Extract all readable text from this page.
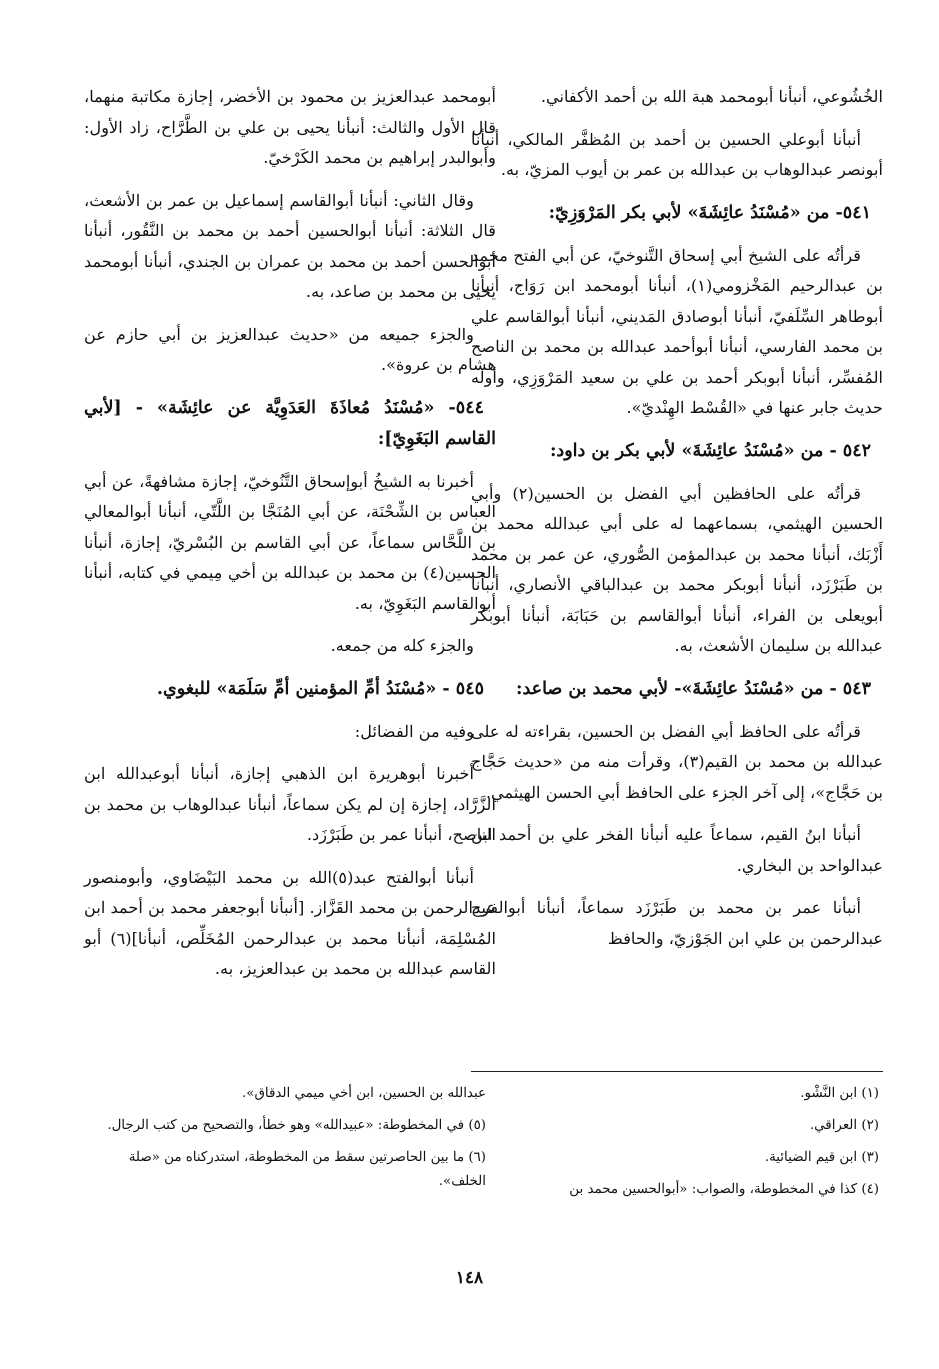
الخُشُوعي، أنبأنا أبومحمد هبة الله بن أحمد الأكفاني.

أنبأنا أبوعلي الحسين بن أحمد بن المُظفَّر المالكي، أنبأنا أبونصر عبدالوهاب بن عبدالله بن عمر بن أيوب المزيّ، به.

٥٤١- من «مُسْنَدُ عائِشَةَ» لأبي بكر المَرْوَزِيّ:

قرأتُه على الشيخ أبي إسحاق التَّنوخيّ، عن أبي الفتح محمد بن عبدالرحيم المَخْزومي(١)، أنبأنا أبومحمد ابن رَوَاج، أنبأنا أبوطاهر السِّلَفيّ، أنبأنا أبوصادق المَديني، أنبأنا أبوالقاسم علي بن محمد الفارسي، أنبأنا أبوأحمد عبدالله بن محمد بن الناصح المُفسِّر، أنبأنا أبوبكر أحمد بن علي بن سعيد المَرْوَزِي، وأوله حديث جابر عنها في «القُسْط الهِنْديّ».

٥٤٢ - من «مُسْنَدُ عائِشَةَ» لأبي بكر بن داود:

قرأتُه على الحافظين أبي الفضل بن الحسين(٢) وأبي الحسين الهيثمي، بسماعهما له على أبي عبدالله محمد بن أَزْبَك، أنبأنا محمد بن عبدالمؤمن الصُّوري، عن عمر بن محمد بن طَبَرْزَد، أنبأنا أبوبكر محمد بن عبدالباقي الأنصاري، أنبأنا أبويعلى بن الفراء، أنبأنا أبوالقاسم بن حَبَابَة، أنبأنا أبوبكر عبدالله بن سليمان الأشعث، به.

٥٤٣ - من «مُسْنَدُ عائِشَةَ»- لأبي محمد بن صاعد:

قرأتُه على الحافظ أبي الفضل بن الحسين، بقراءته له على عبدالله بن محمد بن القيم(٣)، وقرأت منه من «حديث حَجَّاج بن حَجَّاج»، إلى آخر الجزء على الحافظ أبي الحسن الهيثمي.

أنبأنا ابنُ القيم، سماعاً عليه أنبأنا الفخر علي بن أحمد ابن عبدالواحد بن البخاري.

أنبأنا عمر بن محمد بن طَبَرْزَد سماعاً، أنبأنا أبوالفرج عبدالرحمن بن علي ابن الجَوْزيّ، والحافظ

أبومحمد عبدالعزيز بن محمود بن الأخضر، إجازة مكاتبة منهما، قال الأول والثالث: أنبأنا يحيى بن علي بن الطَّرَّاح، زاد الأول: وأبوالبدر إبراهيم بن محمد الكَرْخيّ.

وقال الثاني: أنبأنا أبوالقاسم إسماعيل بن عمر بن الأشعث، قال الثلاثة: أنبأنا أبوالحسين أحمد بن محمد بن النَّقُور، أنبأنا أبوالحسن أحمد بن محمد بن عمران بن الجندي، أنبأنا أبومحمد يحيى بن محمد بن صاعد، به.

والجزء جميعه من «حديث عبدالعزيز بن أبي حازم عن هشام بن عروة».

٥٤٤- «مُسْنَدُ مُعاذَةَ العَدَوِيَّة عن عائِشَة» - [لأبي القاسم البَغَوِيّ]:

أخبرنا به الشيخُ أبوإسحاق التَّنُوخيّ، إجازة مشافهةً، عن أبي العباس بن الشِّحْنَة، عن أبي المُنَجَّا بن اللَّتّي، أنبأنا أبوالمعالي بن اللَّحَّاس سماعاً، عن أبي القاسم بن البُسْريّ، إجازة، أنبأنا الحسين(٤) بن محمد بن عبدالله بن أخي مِيمي في كتابه، أنبأنا أبوالقاسم البَغَوِيّ، به.

والجزء كله من جمعه.

٥٤٥ - «مُسْنَدُ أمِّ المؤمنين أمِّ سَلَمَة» للبغوي.

وفيه من الفضائل:

أخبرنا أبوهريرة ابن الذهبي إجازة، أنبأنا أبوعبدالله ابن الزَّرَّاد، إجازة إن لم يكن سماعاً، أنبأنا عبدالوهاب بن محمد بن الناصح، أنبأنا عمر بن طَبَرْزَد.

أنبأنا أبوالفتح عبد(٥)الله بن محمد البَيْضَاوي، وأبومنصور عبدالرحمن بن محمد القَزَّاز. [أنبأنا أبوجعفر محمد بن أحمد ابن المُسْلِمَة، أنبأنا محمد بن عبدالرحمن المُخَلِّص، أنبأنا](٦) أبو القاسم عبدالله بن محمد بن عبدالعزيز، به.

(١) ابن النَّشْو.
(٢) العراقي.
(٣) ابن قيم الضيائية.
(٤) كذا في المخطوطة، والصواب: «أبوالحسين محمد بن
عبدالله بن الحسين، ابن أخي ميمي الدقاق».
(٥) في المخطوطة: «عبيدالله» وهو خطأ، والتصحيح من كتب الرجال.
(٦) ما بين الحاصرتين سقط من المخطوطة، استدركناه من «صلة الخلف».
١٤٨
